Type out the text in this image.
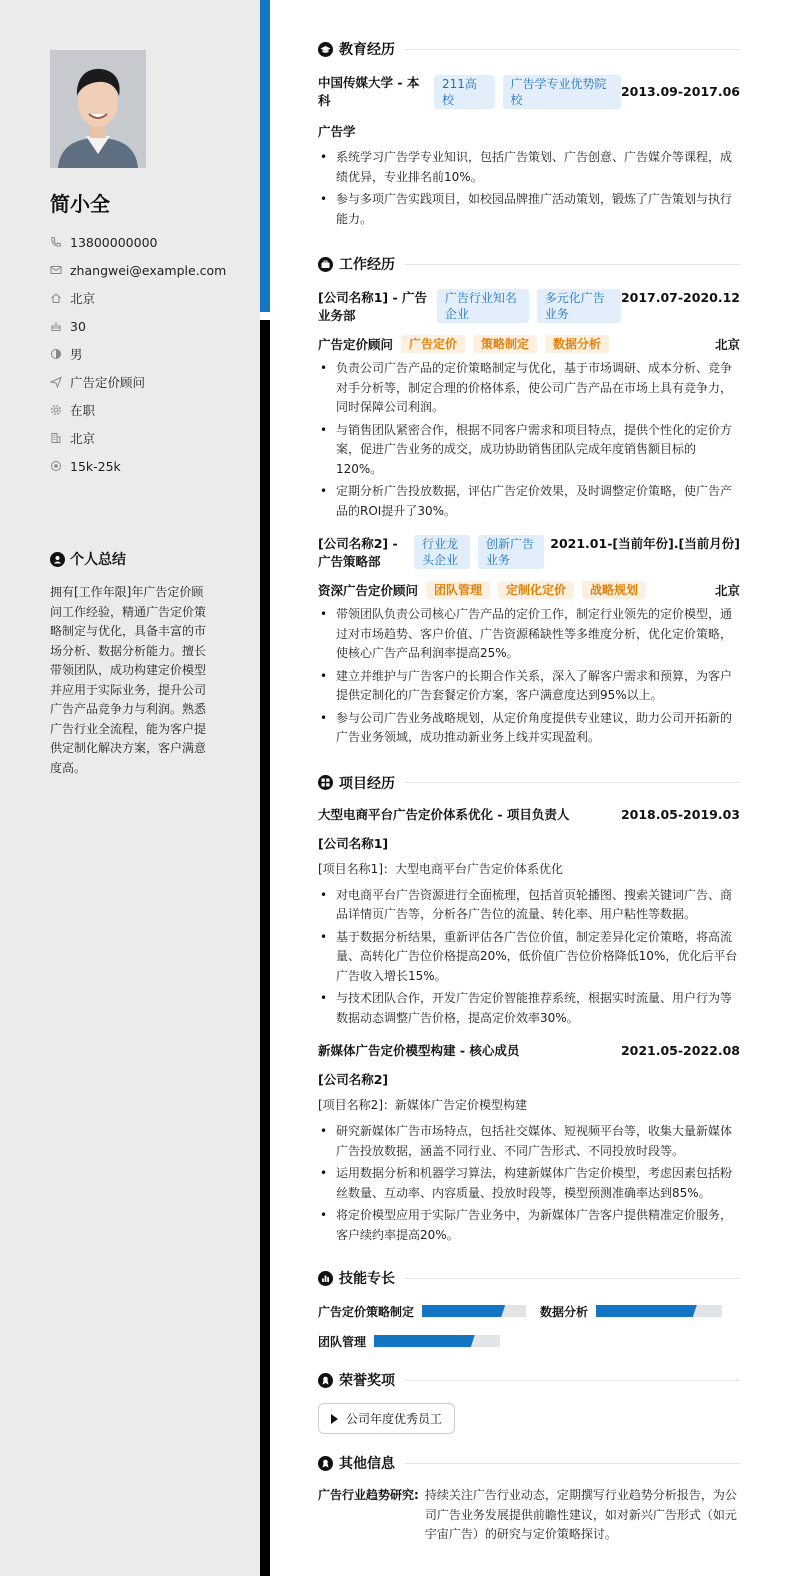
简小全
13800000000
zhangwei@example.com
北京
30
男
广告定价顾问
在职
北京
15k-25k
个人总结
拥有[工作年限]年广告定价顾问工作经验，精通广告定价策略制定与优化，具备丰富的市场分析、数据分析能力。擅长带领团队，成功构建定价模型并应用于实际业务，提升公司广告产品竞争力与利润。熟悉广告行业全流程，能为客户提供定制化解决方案，客户满意度高。
教育经历
中国传媒大学 - 本科
211高校
广告学专业优势院校
2013.09-2017.06
广告学
• 系统学习广告学专业知识，包括广告策划、广告创意、广告媒介等课程，成绩优异，专业排名前10%。
• 参与多项广告实践项目，如校园品牌推广活动策划，锻炼了广告策划与执行能力。
工作经历
[公司名称1] - 广告业务部
广告行业知名企业
多元化广告业务
2017.07-2020.12
广告定价顾问	广告定价	策略制定	数据分析	北京
• 负责公司广告产品的定价策略制定与优化，基于市场调研、成本分析、竞争对手分析等，制定合理的价格体系，使公司广告产品在市场上具有竞争力，同时保障公司利润。
• 与销售团队紧密合作，根据不同客户需求和项目特点，提供个性化的定价方案，促进广告业务的成交，成功协助销售团队完成年度销售额目标的120%。
• 定期分析广告投放数据，评估广告定价效果，及时调整定价策略，使广告产品的ROI提升了30%。
[公司名称2] - 广告策略部
行业龙头企业
创新广告业务
2021.01-[当前年份].[当前月份]
资深广告定价顾问	团队管理	定制化定价	战略规划	北京
• 带领团队负责公司核心广告产品的定价工作，制定行业领先的定价模型，通过对市场趋势、客户价值、广告资源稀缺性等多维度分析，优化定价策略，使核心广告产品利润率提高25%。
• 建立并维护与广告客户的长期合作关系，深入了解客户需求和预算，为客户提供定制化的广告套餐定价方案，客户满意度达到95%以上。
• 参与公司广告业务战略规划，从定价角度提供专业建议，助力公司开拓新的广告业务领域，成功推动新业务上线并实现盈利。
项目经历
大型电商平台广告定价体系优化 - 项目负责人	2018.05-2019.03
[公司名称1]
[项目名称1]：大型电商平台广告定价体系优化
• 对电商平台广告资源进行全面梳理，包括首页轮播图、搜索关键词广告、商品详情页广告等，分析各广告位的流量、转化率、用户粘性等数据。
• 基于数据分析结果，重新评估各广告位价值，制定差异化定价策略，将高流量、高转化广告位价格提高20%，低价值广告位价格降低10%，优化后平台广告收入增长15%。
• 与技术团队合作，开发广告定价智能推荐系统，根据实时流量、用户行为等数据动态调整广告价格，提高定价效率30%。
新媒体广告定价模型构建 - 核心成员	2021.05-2022.08
[公司名称2]
[项目名称2]：新媒体广告定价模型构建
• 研究新媒体广告市场特点，包括社交媒体、短视频平台等，收集大量新媒体广告投放数据，涵盖不同行业、不同广告形式、不同投放时段等。
• 运用数据分析和机器学习算法，构建新媒体广告定价模型，考虑因素包括粉丝数量、互动率、内容质量、投放时段等，模型预测准确率达到85%。
• 将定价模型应用于实际广告业务中，为新媒体广告客户提供精准定价服务，客户续约率提高20%。
技能专长
广告定价策略制定	数据分析
团队管理
荣誉奖项
公司年度优秀员工
其他信息
广告行业趋势研究: 持续关注广告行业动态，定期撰写行业趋势分析报告，为公司广告业务发展提供前瞻性建议，如对新兴广告形式（如元宇宙广告）的研究与定价策略探讨。
